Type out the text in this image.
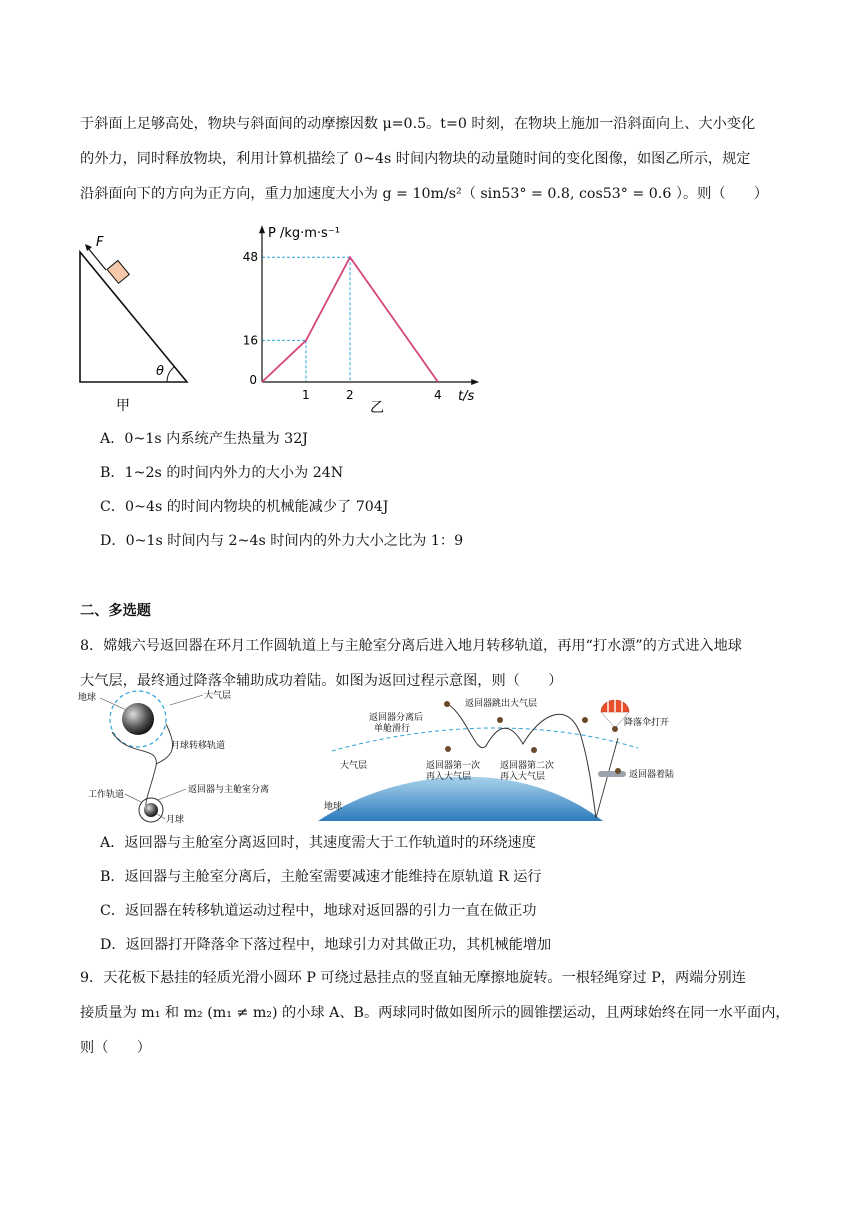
于斜面上足够高处，物块与斜面间的动摩擦因数 μ=0.5。t=0 时刻，在物块上施加一沿斜面向上、大小变化
的外力，同时释放物块，利用计算机描绘了 0~4s 时间内物块的动量随时间的变化图像，如图乙所示，规定
沿斜面向下的方向为正方向，重力加速度大小为 g = 10m/s²（ sin53° = 0.8, cos53° = 0.6 ）。则（　　）
F
θ
甲
0
1	2	4
16
48
P /kg·m·s⁻¹
t/s
乙
A．0~1s 内系统产生热量为 32J
B．1~2s 的时间内外力的大小为 24N
C．0~4s 的时间内物块的机械能减少了 704J
D．0~1s 时间内与 2~4s 时间内的外力大小之比为 1：9
二、多选题
8．嫦娥六号返回器在环月工作圆轨道上与主舱室分离后进入地月转移轨道，再用“打水漂”的方式进入地球
大气层，最终通过降落伞辅助成功着陆。如图为返回过程示意图，则（　　）
地球	大气层
月球转移轨道
工作轨道	返回器与主舱室分离
月球
返回器分离后
单舱滑行
返回器跳出大气层
返回器第一次
再入大气层
返回器第二次
再入大气层
降落伞打开
返回器着陆
大气层
地球
A．返回器与主舱室分离返回时，其速度需大于工作轨道时的环绕速度
B．返回器与主舱室分离后，主舱室需要减速才能维持在原轨道 R 运行
C．返回器在转移轨道运动过程中，地球对返回器的引力一直在做正功
D．返回器打开降落伞下落过程中，地球引力对其做正功，其机械能增加
9．天花板下悬挂的轻质光滑小圆环 P 可绕过悬挂点的竖直轴无摩擦地旋转。一根轻绳穿过 P，两端分别连
接质量为 m₁ 和 m₂ (m₁ ≠ m₂) 的小球 A、B。两球同时做如图所示的圆锥摆运动，且两球始终在同一水平面内，
则（　　）
